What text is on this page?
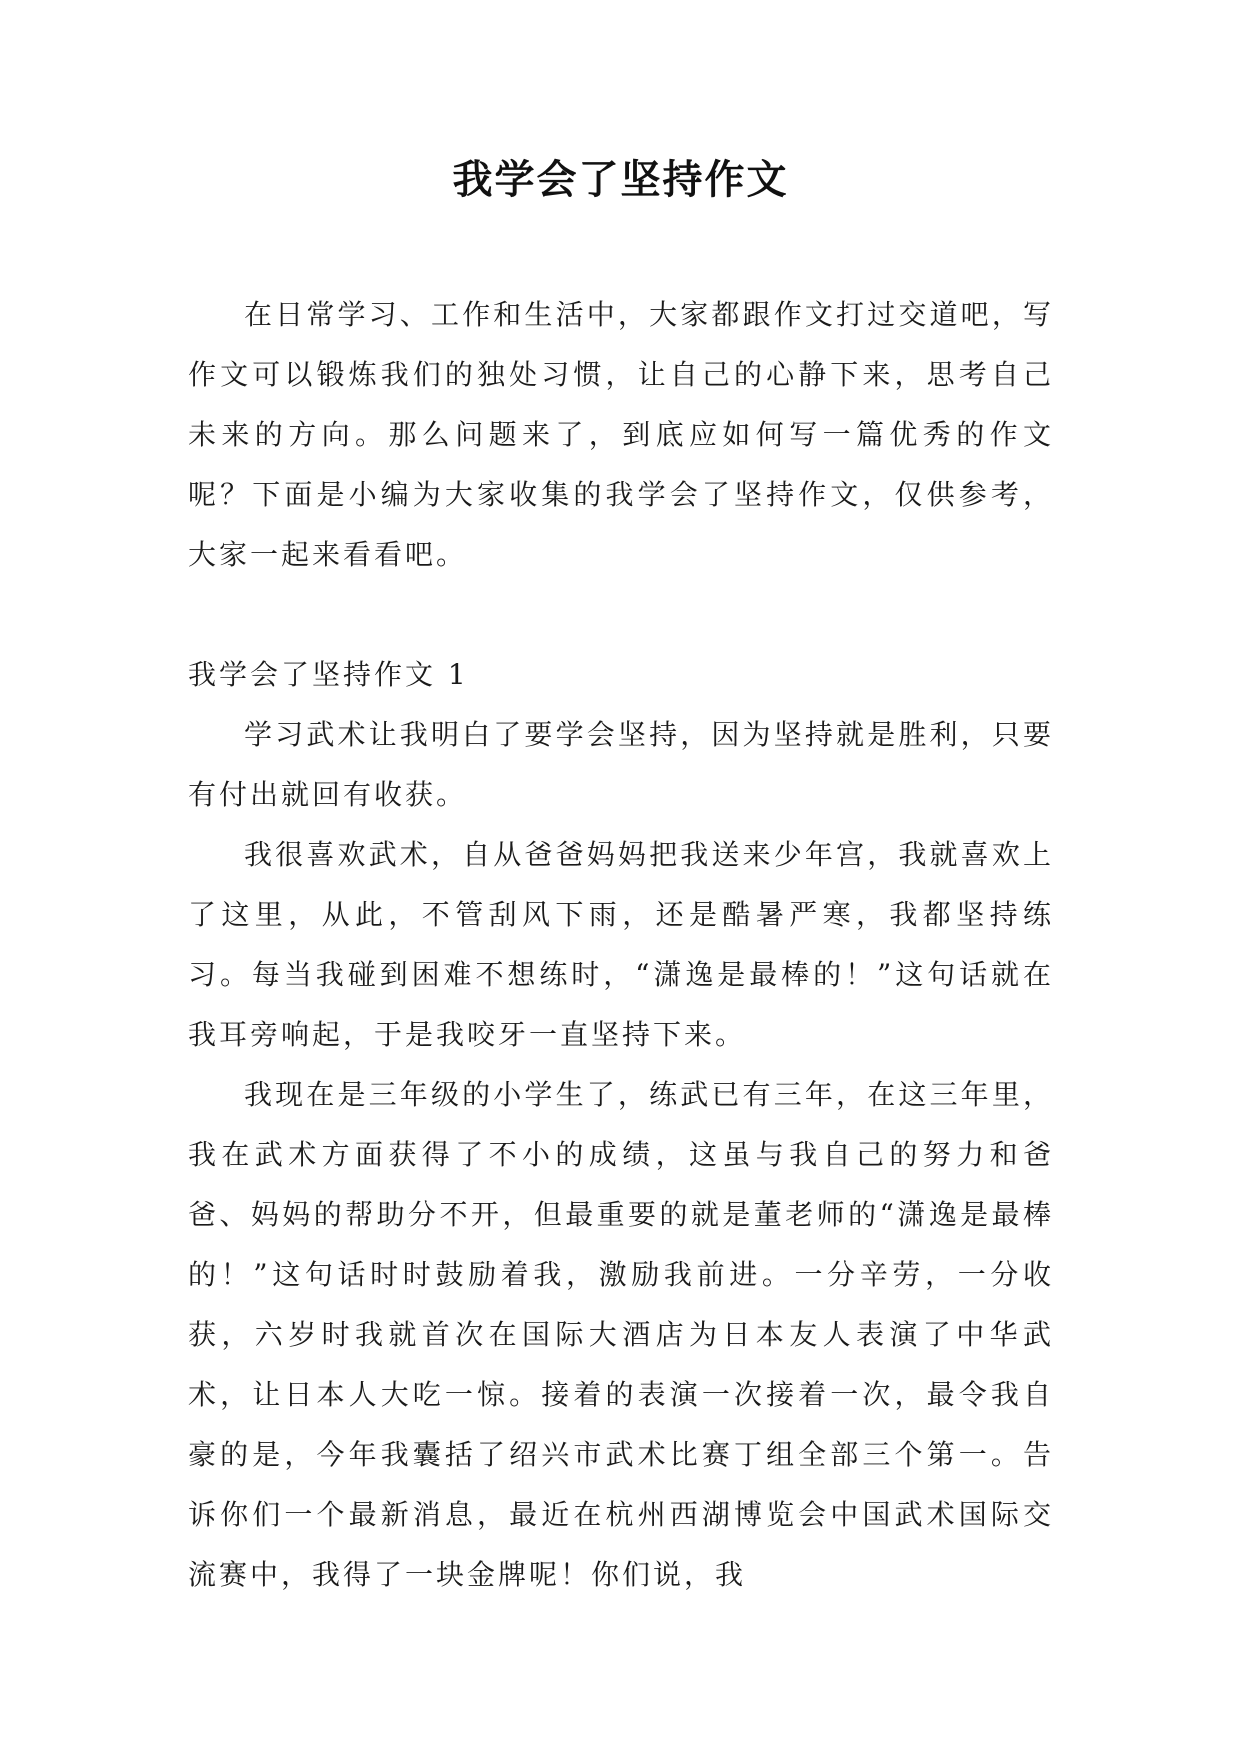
我学会了坚持作文

在日常学习、工作和生活中，大家都跟作文打过交道吧，写作文可以锻炼我们的独处习惯，让自己的心静下来，思考自己未来的方向。那么问题来了，到底应如何写一篇优秀的作文呢？下面是小编为大家收集的我学会了坚持作文，仅供参考，大家一起来看看吧。

我学会了坚持作文 1

学习武术让我明白了要学会坚持，因为坚持就是胜利，只要有付出就回有收获。

我很喜欢武术，自从爸爸妈妈把我送来少年宫，我就喜欢上了这里，从此，不管刮风下雨，还是酷暑严寒，我都坚持练习。每当我碰到困难不想练时，“潇逸是最棒的！”这句话就在我耳旁响起，于是我咬牙一直坚持下来。

我现在是三年级的小学生了，练武已有三年，在这三年里，我在武术方面获得了不小的成绩，这虽与我自己的努力和爸爸、妈妈的帮助分不开，但最重要的就是董老师的“潇逸是最棒的！”这句话时时鼓励着我，激励我前进。一分辛劳，一分收获，六岁时我就首次在国际大酒店为日本友人表演了中华武术，让日本人大吃一惊。接着的表演一次接着一次，最令我自豪的是，今年我囊括了绍兴市武术比赛丁组全部三个第一。告诉你们一个最新消息，最近在杭州西湖博览会中国武术国际交流赛中，我得了一块金牌呢！你们说，我
